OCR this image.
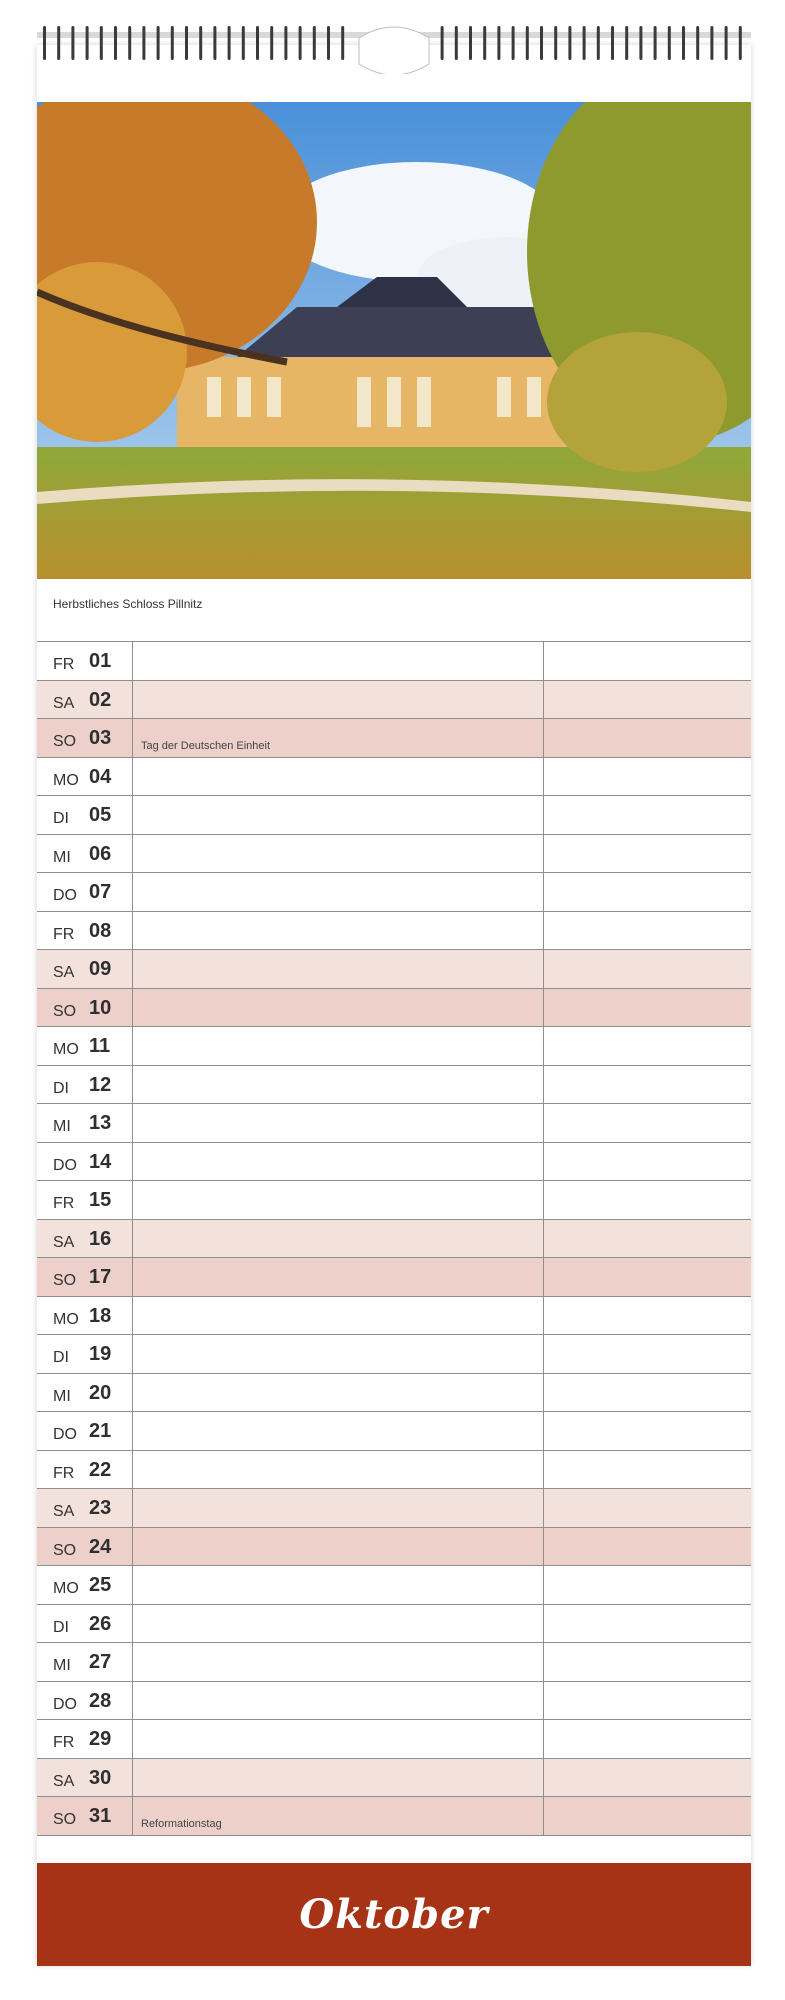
Herbstliches Schloss Pillnitz
FR 01
SA 02
SO 03	Tag der Deutschen Einheit
MO 04
DI 05
MI 06
DO 07
FR 08
SA 09
SO 10
MO 11
DI 12
MI 13
DO 14
FR 15
SA 16
SO 17
MO 18
DI 19
MI 20
DO 21
FR 22
SA 23
SO 24
MO 25
DI 26
MI 27
DO 28
FR 29
SA 30
SO 31	Reformationstag
Oktober
